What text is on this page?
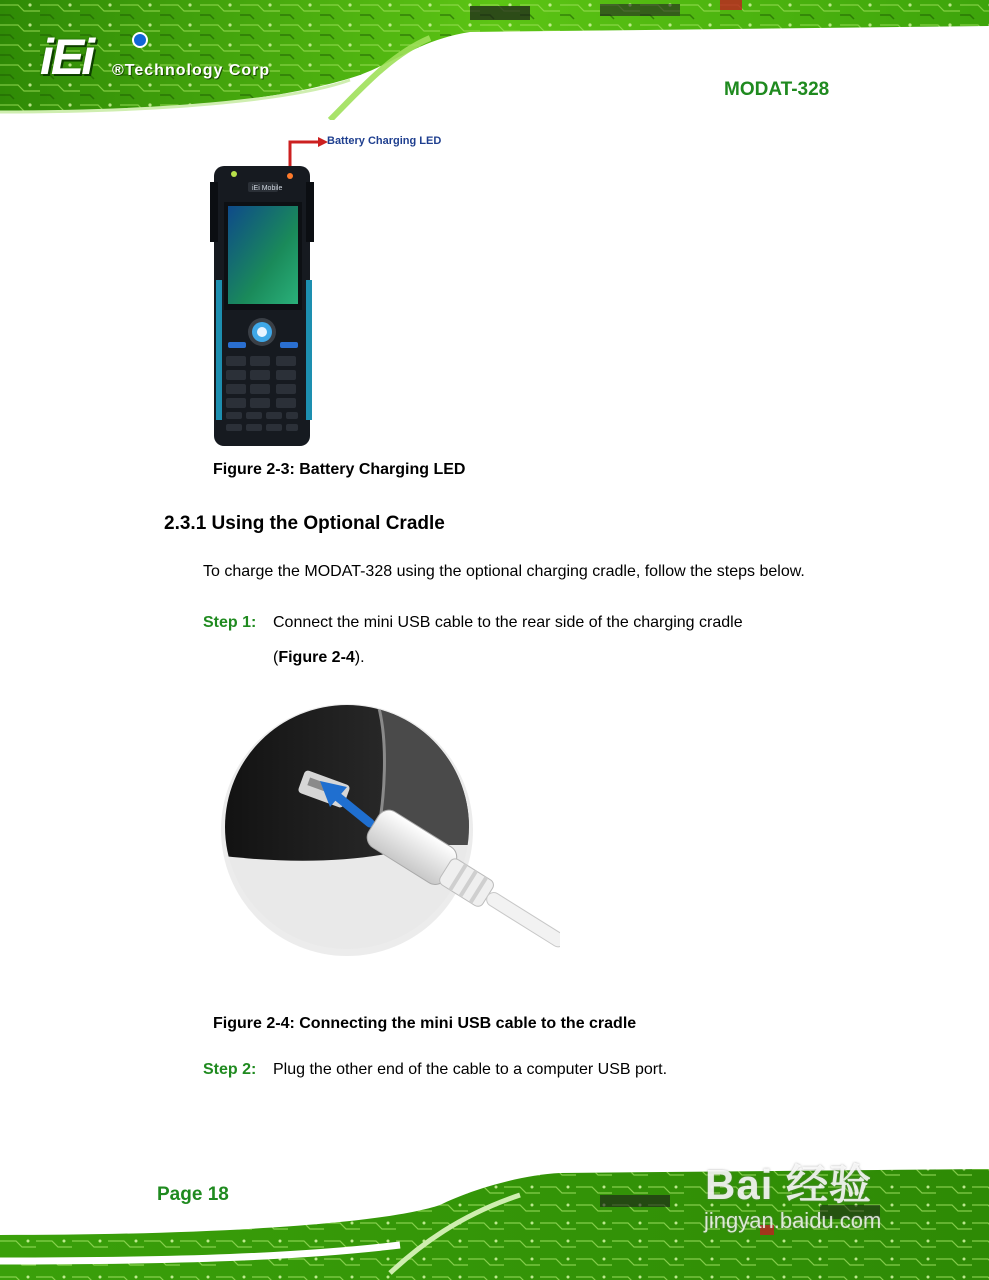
iEi ®Technology Corp
MODAT-328
iEi Mobile
Battery Charging LED
Figure 2-3: Battery Charging LED
2.3.1 Using the Optional Cradle
To charge the MODAT-328 using the optional charging cradle, follow the steps below.
Step 1: Connect the mini USB cable to the rear side of the charging cradle
(Figure 2-4).
Figure 2-4: Connecting the mini USB cable to the cradle
Step 2: Plug the other end of the cable to a computer USB port.
Page 18	Bai 经验
jingyan.baidu.com
